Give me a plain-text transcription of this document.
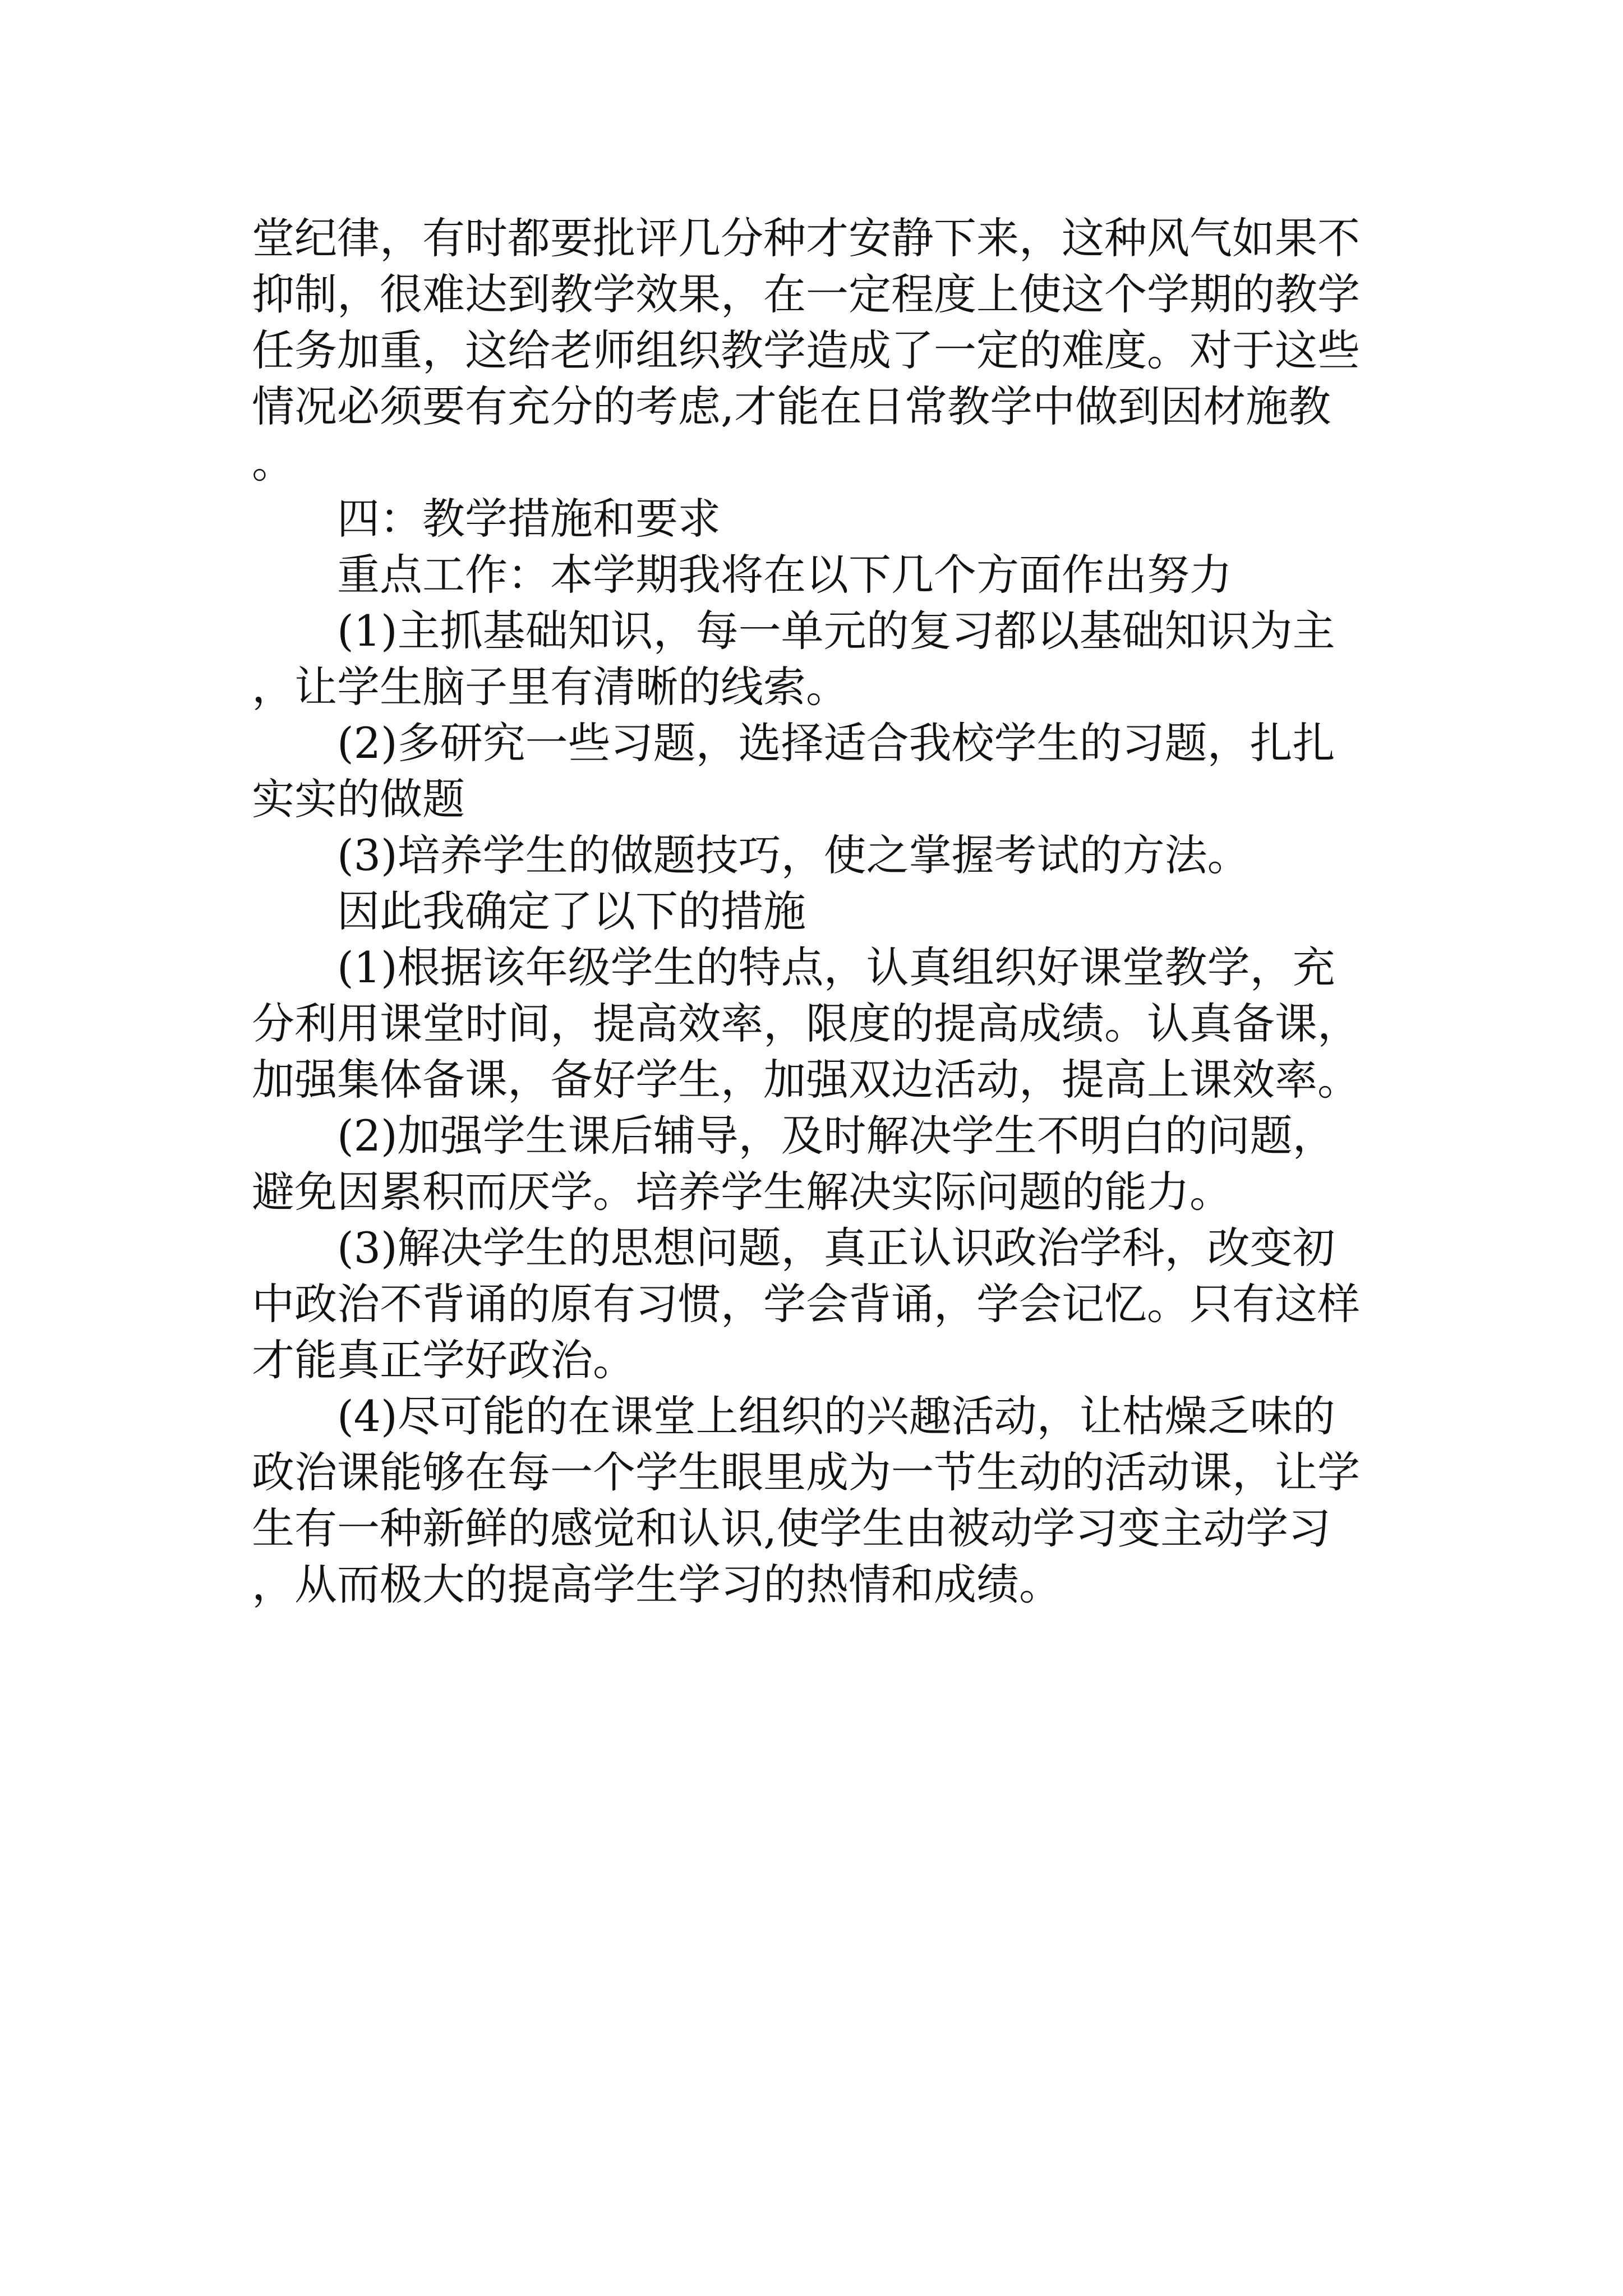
堂纪律，有时都要批评几分种才安静下来，这种风气如果不抑制，很难达到教学效果，在一定程度上使这个学期的教学任务加重，这给老师组织教学造成了一定的难度。对于这些情况必须要有充分的考虑,才能在日常教学中做到因材施教。

四：教学措施和要求

重点工作：本学期我将在以下几个方面作出努力

(1)主抓基础知识，每一单元的复习都以基础知识为主，让学生脑子里有清晰的线索。

(2)多研究一些习题，选择适合我校学生的习题，扎扎实实的做题

(3)培养学生的做题技巧，使之掌握考试的方法。

因此我确定了以下的措施

(1)根据该年级学生的特点，认真组织好课堂教学，充分利用课堂时间，提高效率，限度的提高成绩。认真备课，加强集体备课，备好学生，加强双边活动，提高上课效率。

(2)加强学生课后辅导，及时解决学生不明白的问题，避免因累积而厌学。培养学生解决实际问题的能力。

(3)解决学生的思想问题，真正认识政治学科，改变初中政治不背诵的原有习惯，学会背诵，学会记忆。只有这样才能真正学好政治。

(4)尽可能的在课堂上组织的兴趣活动，让枯燥乏味的政治课能够在每一个学生眼里成为一节生动的活动课，让学生有一种新鲜的感觉和认识,使学生由被动学习变主动学习，从而极大的提高学生学习的热情和成绩。
